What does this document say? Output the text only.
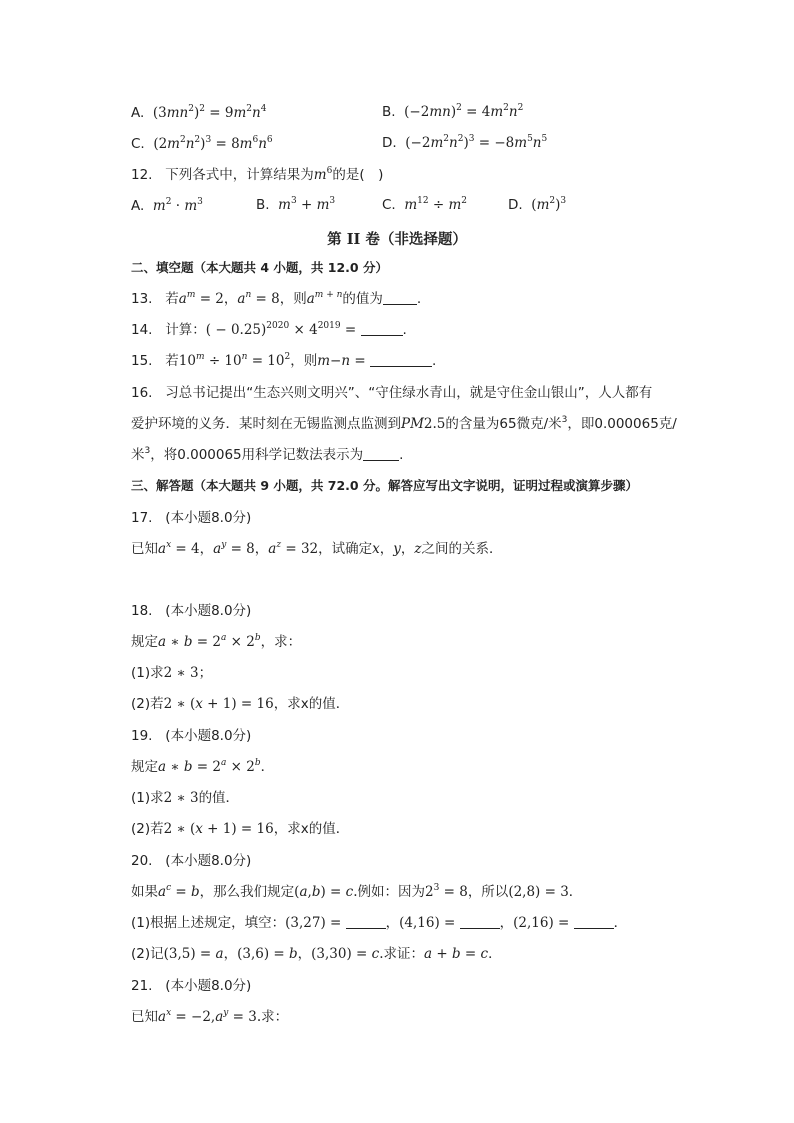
A. $(3mn^2)^2 = 9m^2n^4$	B. $(-2mn)^2 = 4m^2n^2$
C. $(2m^2n^2)^3 = 8m^6n^6$	D. $(-2m^2n^2)^3 = -8m^5n^5$
12. 下列各式中，计算结果为$m^6$的是(　)
A. $m^2 \cdot m^3$	B. $m^3 + m^3$	C. $m^{12} \div m^2$	D. $(m^2)^3$
第 II 卷（非选择题）
二、填空题（本大题共 4 小题，共 12.0 分）
13. 若$a^m = 2$，$a^n = 8$，则$a^{m + n}$的值为	.
14. 计算：( − $0.25)^{2020} \times 4^{2019}$ =	.
15. 若$10^m \div 10^n = 10^2$，则m−n =	.
16. 习总书记提出“生态兴则文明兴”、“守住绿水青山，就是守住金山银山”，人人都有
爱护环境的义务．某时刻在无锡监测点监测到PM2.5的含量为65微克/米$^3$，即0.000065克/
米$^3$，将0.000065用科学记数法表示为	.
三、解答题（本大题共 9 小题，共 72.0 分。解答应写出文字说明，证明过程或演算步骤）
17. (本小题8.0分)
已知$a^x = 4$，$a^y = 8$，$a^z = 32$，试确定x，y，z之间的关系．
18. (本小题8.0分)
规定a ∗ $b = 2^a \times 2^b$，求：
(1)求2 ∗ 3；
(2)若2 ∗ (x + 1) = 16，求x的值．
19. (本小题8.0分)
规定a ∗ $b = 2^a \times 2^b$．
(1)求2 ∗ 3的值．
(2)若2 ∗ (x + 1) = 16，求x的值．
20. (本小题8.0分)
如果$a^c = b$，那么我们规定(a,b) = c.例如：因为$2^3 = 8$，所以(2,8) = 3．
(1)根据上述规定，填空：(3,27) =	，(4,16) =	，(2,16) =	．
(2)记(3,5) = a，(3,6) = b，(3,30) = c.求证：a + b = c．
21. (本小题8.0分)
已知$a^x = -2,a^y = 3$.求：
